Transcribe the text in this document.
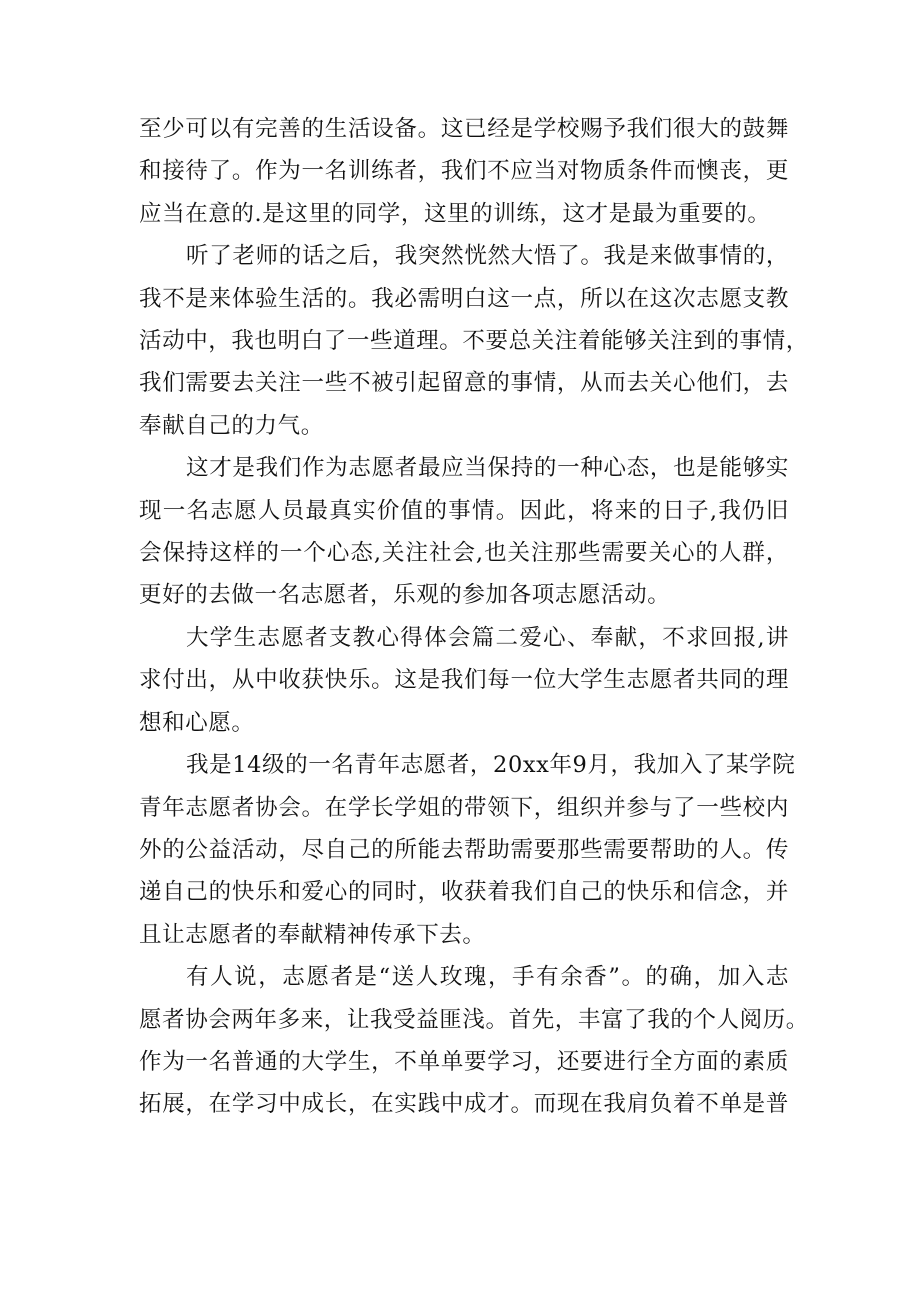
至少可以有完善的生活设备。这已经是学校赐予我们很大的鼓舞
和接待了。作为一名训练者，我们不应当对物质条件而懊丧，更
应当在意的.是这里的同学，这里的训练，这才是最为重要的。
听了老师的话之后，我突然恍然大悟了。我是来做事情的，
我不是来体验生活的。我必需明白这一点，所以在这次志愿支教
活动中，我也明白了一些道理。不要总关注着能够关注到的事情，
我们需要去关注一些不被引起留意的事情，从而去关心他们，去
奉献自己的力气。
这才是我们作为志愿者最应当保持的一种心态，也是能够实
现一名志愿人员最真实价值的事情。因此，将来的日子,我仍旧
会保持这样的一个心态,关注社会,也关注那些需要关心的人群，
更好的去做一名志愿者，乐观的参加各项志愿活动。
大学生志愿者支教心得体会篇二爱心、奉献，不求回报,讲
求付出，从中收获快乐。这是我们每一位大学生志愿者共同的理
想和心愿。
我是14级的一名青年志愿者，20xx年9月，我加入了某学院
青年志愿者协会。在学长学姐的带领下，组织并参与了一些校内
外的公益活动，尽自己的所能去帮助需要那些需要帮助的人。传
递自己的快乐和爱心的同时，收获着我们自己的快乐和信念，并
且让志愿者的奉献精神传承下去。
有人说，志愿者是“送人玫瑰，手有余香”。的确，加入志
愿者协会两年多来，让我受益匪浅。首先，丰富了我的个人阅历。
作为一名普通的大学生，不单单要学习，还要进行全方面的素质
拓展，在学习中成长，在实践中成才。而现在我肩负着不单是普
